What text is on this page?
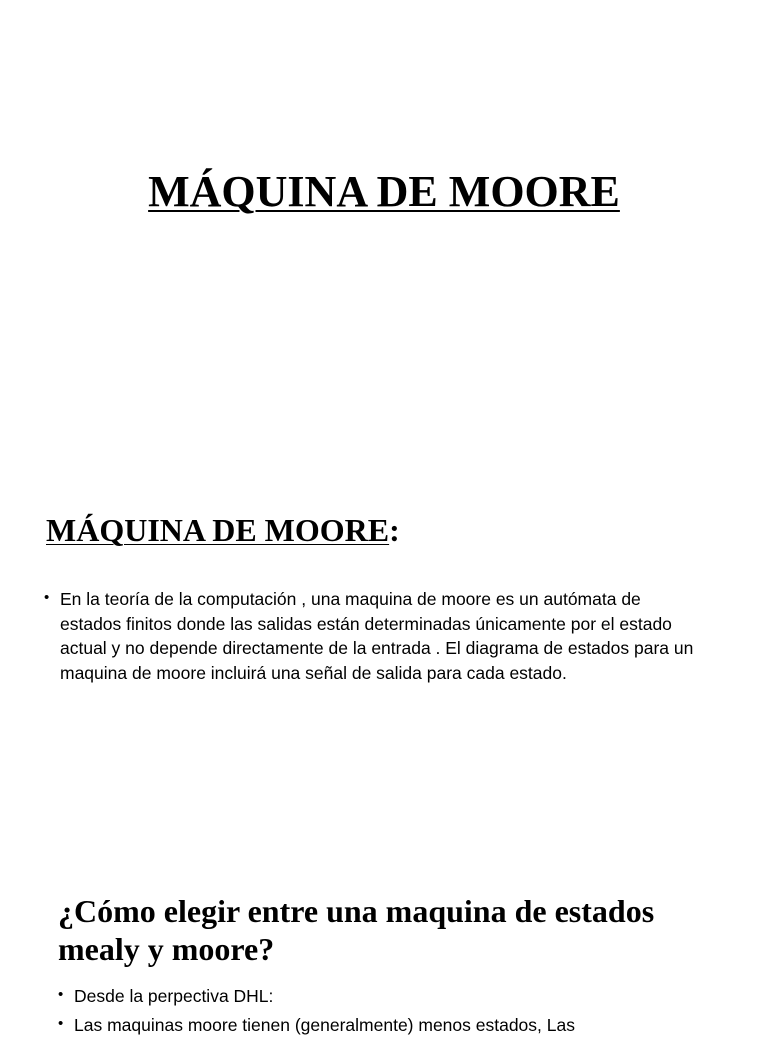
MÁQUINA DE MOORE
MÁQUINA DE MOORE:
• En la teoría de la computación , una maquina de moore es un autómata de estados finitos donde las salidas están determinadas únicamente por el estado actual y no depende directamente de la entrada . El diagrama de estados para un maquina de moore incluirá una señal de salida para cada estado.
¿Cómo elegir entre una maquina de estados mealy y moore?
• Desde la perpectiva DHL:
• Las maquinas moore tienen (generalmente) menos estados, Las
